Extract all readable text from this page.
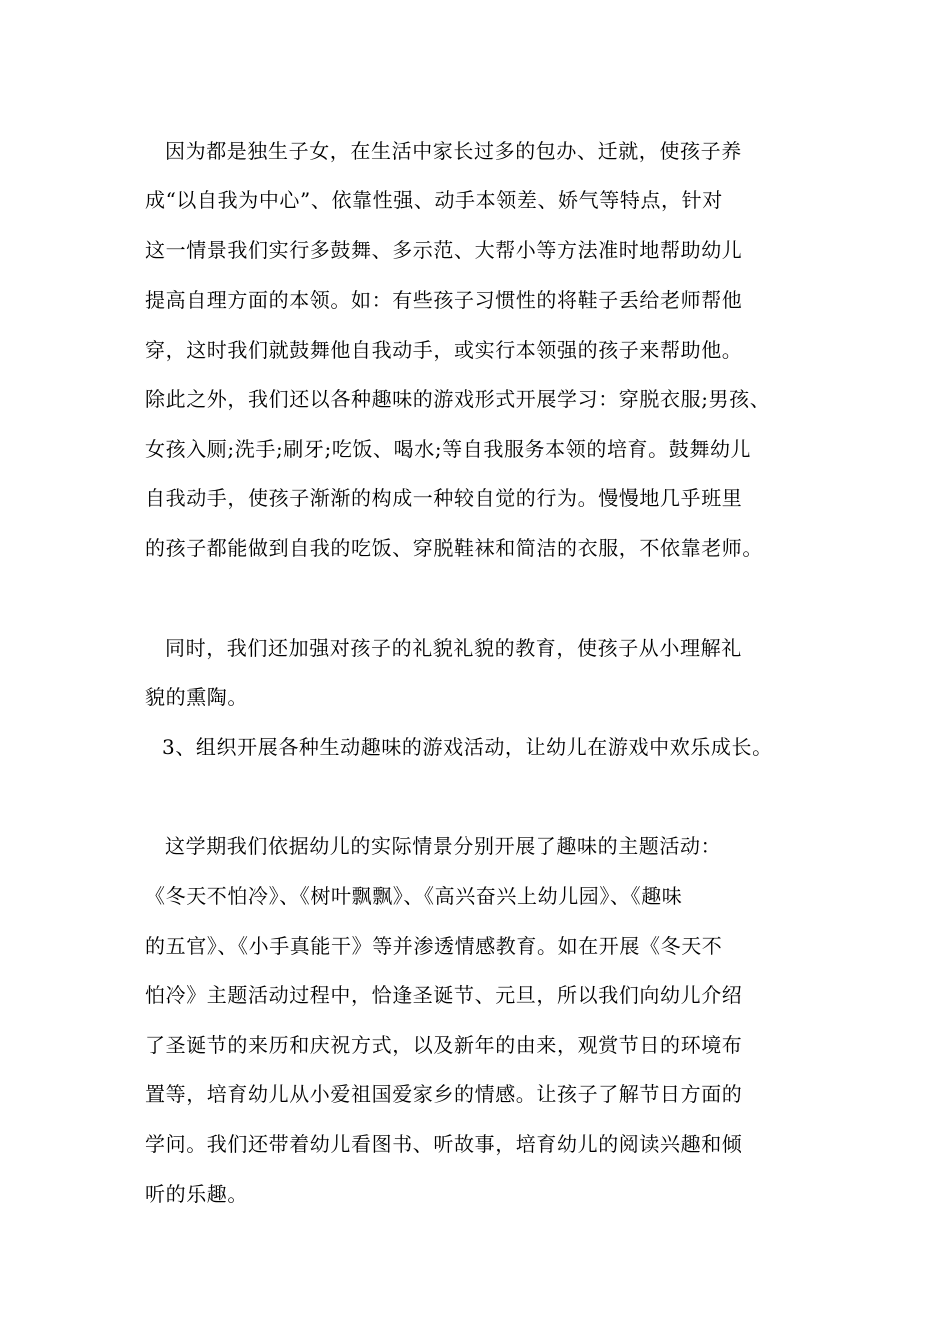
因为都是独生子女，在生活中家长过多的包办、迁就，使孩子养
成“以自我为中心”、依靠性强、动手本领差、娇气等特点，针对
这一情景我们实行多鼓舞、多示范、大帮小等方法准时地帮助幼儿
提高自理方面的本领。如：有些孩子习惯性的将鞋子丢给老师帮他
穿，这时我们就鼓舞他自我动手，或实行本领强的孩子来帮助他。
除此之外，我们还以各种趣味的游戏形式开展学习：穿脱衣服;男孩、
女孩入厕;洗手;刷牙;吃饭、喝水;等自我服务本领的培育。鼓舞幼儿
自我动手，使孩子渐渐的构成一种较自觉的行为。慢慢地几乎班里
的孩子都能做到自我的吃饭、穿脱鞋袜和简洁的衣服，不依靠老师。
同时，我们还加强对孩子的礼貌礼貌的教育，使孩子从小理解礼
貌的熏陶。
3、组织开展各种生动趣味的游戏活动，让幼儿在游戏中欢乐成长。
这学期我们依据幼儿的实际情景分别开展了趣味的主题活动：
《冬天不怕冷》、《树叶飘飘》、《高兴奋兴上幼儿园》、《趣味
的五官》、《小手真能干》等并渗透情感教育。如在开展《冬天不
怕冷》主题活动过程中，恰逢圣诞节、元旦，所以我们向幼儿介绍
了圣诞节的来历和庆祝方式，以及新年的由来，观赏节日的环境布
置等，培育幼儿从小爱祖国爱家乡的情感。让孩子了解节日方面的
学问。我们还带着幼儿看图书、听故事，培育幼儿的阅读兴趣和倾
听的乐趣。
